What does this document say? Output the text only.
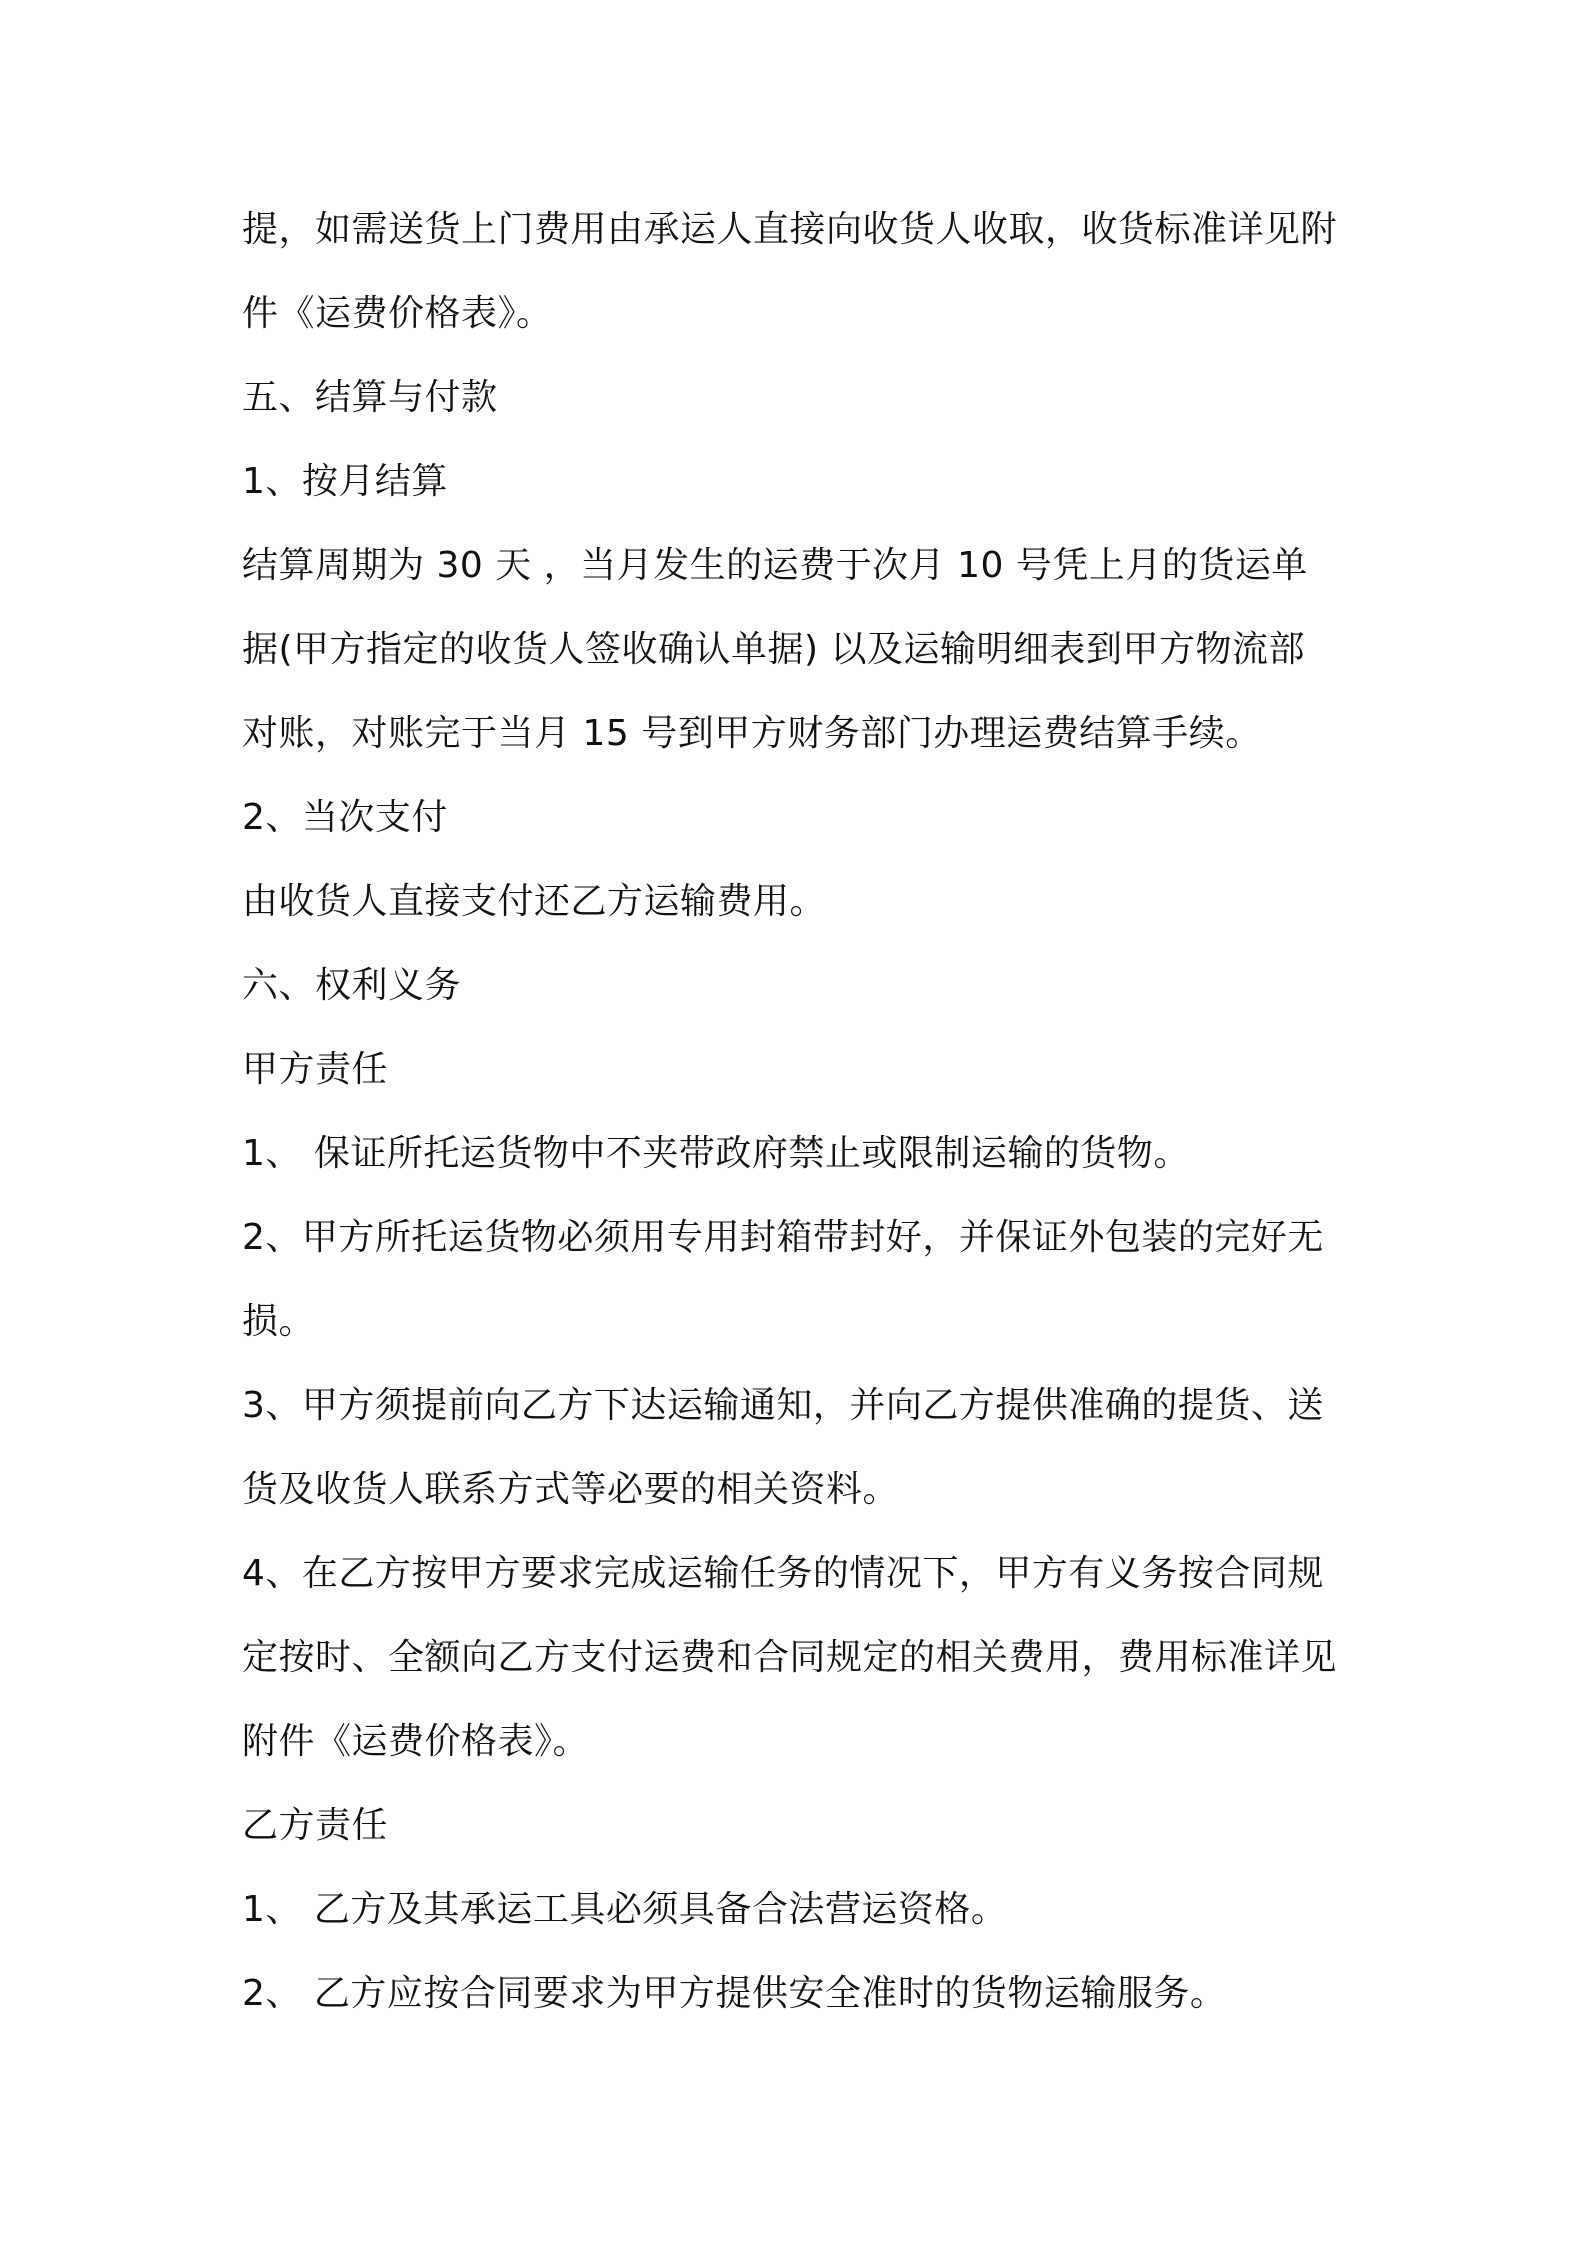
提，如需送货上门费用由承运人直接向收货人收取，收货标准详见附
件《运费价格表》。
五、结算与付款
1、按月结算
结算周期为 30 天 ，当月发生的运费于次月 10 号凭上月的货运单
据(甲方指定的收货人签收确认单据) 以及运输明细表到甲方物流部
对账，对账完于当月 15 号到甲方财务部门办理运费结算手续。
2、当次支付
由收货人直接支付还乙方运输费用。
六、权利义务
甲方责任
1、 保证所托运货物中不夹带政府禁止或限制运输的货物。
2、甲方所托运货物必须用专用封箱带封好，并保证外包装的完好无
损。
3、甲方须提前向乙方下达运输通知，并向乙方提供准确的提货、送
货及收货人联系方式等必要的相关资料。
4、在乙方按甲方要求完成运输任务的情况下，甲方有义务按合同规
定按时、全额向乙方支付运费和合同规定的相关费用，费用标准详见
附件《运费价格表》。
乙方责任
1、 乙方及其承运工具必须具备合法营运资格。
2、 乙方应按合同要求为甲方提供安全准时的货物运输服务。
